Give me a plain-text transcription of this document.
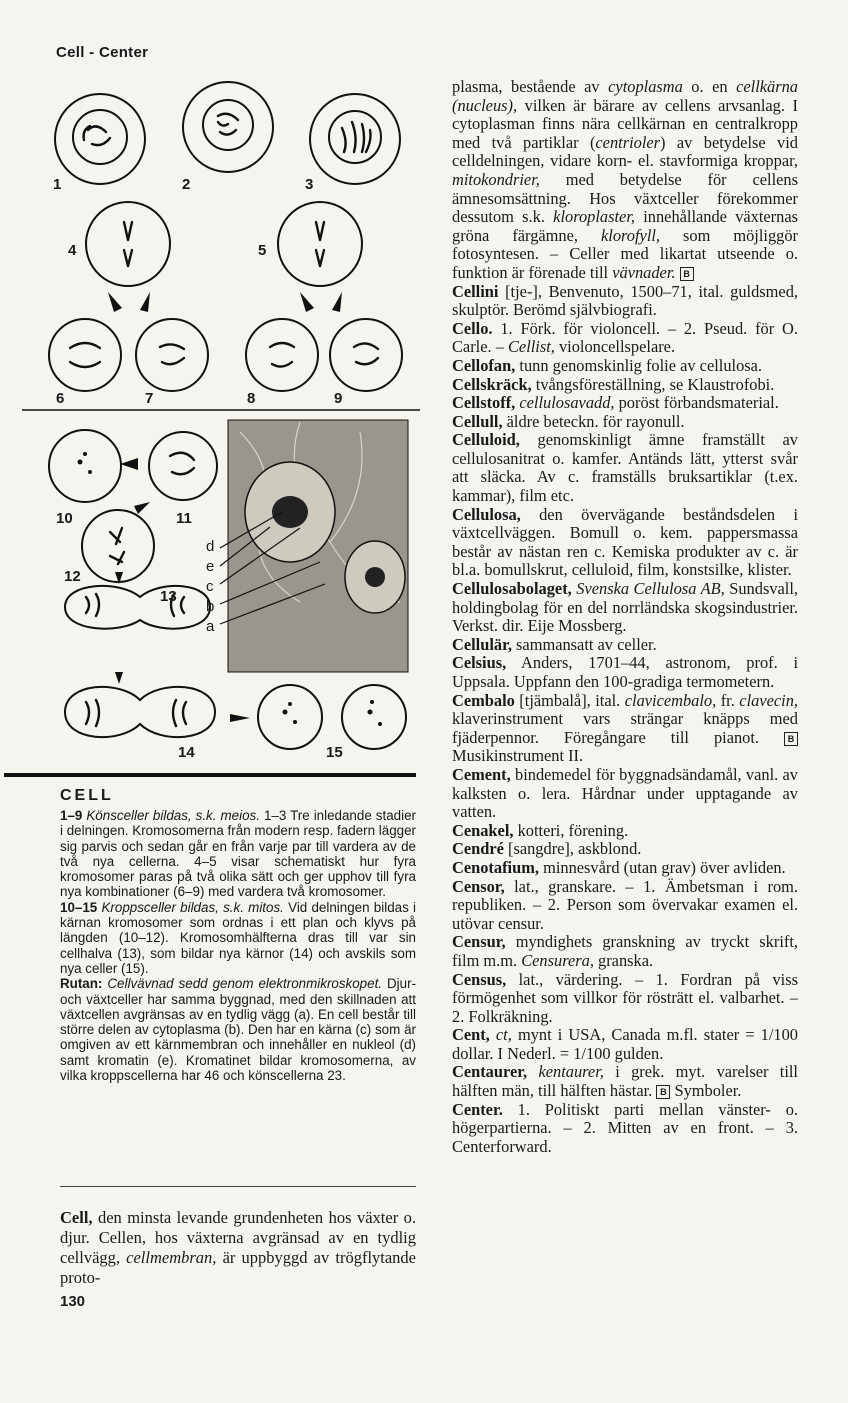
Cell - Center
1	2	3
4	5
6	7	8	9
10	11
12
13
14	15
d
e
c
b
a
CELL

1–9 Könsceller bildas, s.k. meios. 1–3 Tre inledande stadier i delningen. Kromosomerna från modern resp. fadern lägger sig parvis och sedan går en från varje par till vardera av de två nya cellerna. 4–5 visar schematiskt hur fyra kromosomer paras på två olika sätt och ger upphov till fyra nya kombinationer (6–9) med vardera två kromosomer.

10–15 Kroppsceller bildas, s.k. mitos. Vid delningen bildas i kärnan kromosomer som ordnas i ett plan och klyvs på längden (10–12). Kromosomhälfterna dras till var sin cellhalva (13), som bildar nya kärnor (14) och avskils som nya celler (15).

Rutan: Cellvävnad sedd genom elektronmikroskopet. Djur- och växtceller har samma byggnad, med den skillnaden att växtcellen avgränsas av en tydlig vägg (a). En cell består till större delen av cytoplasma (b). Den har en kärna (c) som är omgiven av ett kärnmembran och innehåller en nukleol (d) samt kromatin (e). Kromatinet bildar kromosomerna, av vilka kroppscellerna har 46 och könscellerna 23.

Cell, den minsta levande grundenheten hos växter o. djur. Cellen, hos växterna avgränsad av en tydlig cellvägg, cellmembran, är uppbyggd av trögflytande proto-

130

plasma, bestående av cytoplasma o. en cellkärna (nucleus), vilken är bärare av cellens arvsanlag. I cytoplasman finns nära cellkärnan en centralkropp med två partiklar (centrioler) av betydelse vid celldelningen, vidare korn- el. stavformiga kroppar, mitokondrier, med betydelse för cellens ämnesomsättning. Hos växtceller förekommer dessutom s.k. kloroplaster, innehållande växternas gröna färgämne, klorofyll, som möjliggör fotosyntesen. – Celler med likartat utseende o. funktion är förenade till vävnader. B

Cellini [tje-], Benvenuto, 1500–71, ital. guldsmed, skulptör. Berömd självbiografi.

Cello. 1. Förk. för violoncell. – 2. Pseud. för O. Carle. – Cellist, violoncellspelare.

Cellofan, tunn genomskinlig folie av cellulosa.

Cellskräck, tvångsföreställning, se Klaustrofobi.

Cellstoff, cellulosavadd, poröst förbandsmaterial.

Cellull, äldre beteckn. för rayonull.

Celluloid, genomskinligt ämne framställt av cellulosanitrat o. kamfer. Antänds lätt, ytterst svår att släcka. Av c. framställs bruksartiklar (t.ex. kammar), film etc.

Cellulosa, den övervägande beståndsdelen i växtcellväggen. Bomull o. kem. pappersmassa består av nästan ren c. Kemiska produkter av c. är bl.a. bomullskrut, celluloid, film, konstsilke, klister.

Cellulosabolaget, Svenska Cellulosa AB, Sundsvall, holdingbolag för en del norrländska skogsindustrier. Verkst. dir. Eije Mossberg.

Cellulär, sammansatt av celler.

Celsius, Anders, 1701–44, astronom, prof. i Uppsala. Uppfann den 100-gradiga termometern.

Cembalo [tjämbalå], ital. clavicembalo, fr. clavecin, klaverinstrument vars strängar knäpps med fjäderpennor. Föregångare till pianot. B Musikinstrument II.

Cement, bindemedel för byggnadsändamål, vanl. av kalksten o. lera. Hårdnar under upptagande av vatten.

Cenakel, kotteri, förening.

Cendré [sangdre], askblond.

Cenotafium, minnesvård (utan grav) över avliden.

Censor, lat., granskare. – 1. Ämbetsman i rom. republiken. – 2. Person som övervakar examen el. utövar censur.

Censur, myndighets granskning av tryckt skrift, film m.m. Censurera, granska.

Census, lat., värdering. – 1. Fordran på viss förmögenhet som villkor för rösträtt el. valbarhet. – 2. Folkräkning.

Cent, ct, mynt i USA, Canada m.fl. stater = 1/100 dollar. I Nederl. = 1/100 gulden.

Centaurer, kentaurer, i grek. myt. varelser till hälften män, till hälften hästar. B Symboler.

Center. 1. Politiskt parti mellan vänster- o. högerpartierna. – 2. Mitten av en front. – 3. Centerforward.
